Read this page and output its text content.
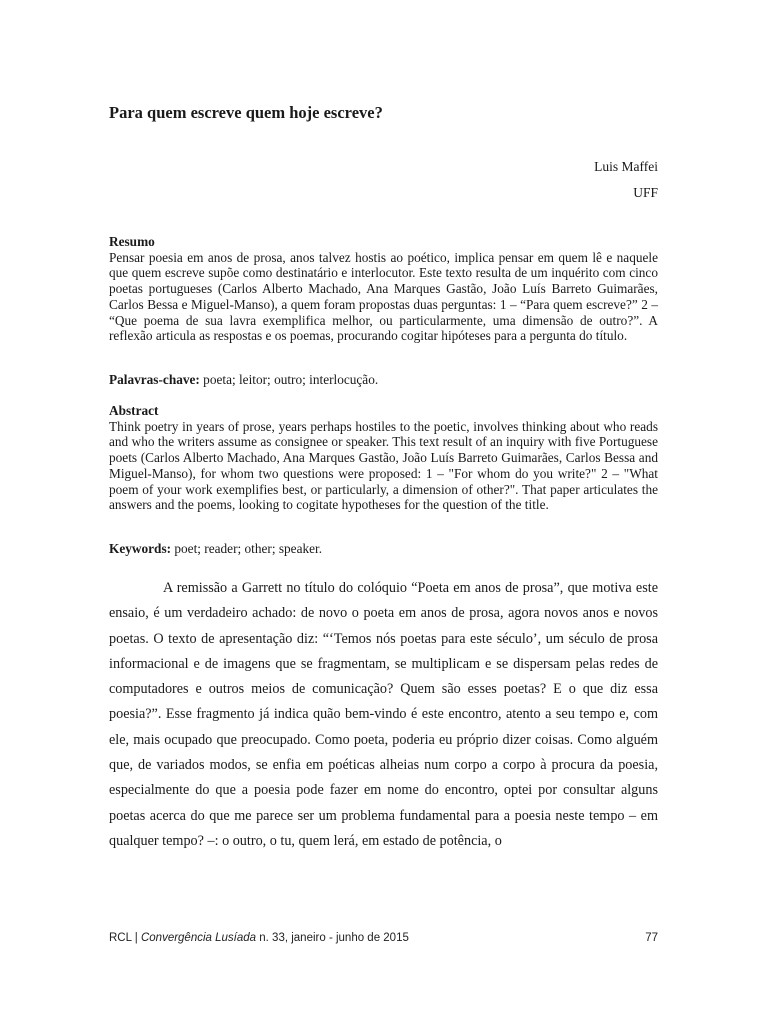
Para quem escreve quem hoje escreve?
Luis Maffei
UFF
Resumo
Pensar poesia em anos de prosa, anos talvez hostis ao poético, implica pensar em quem lê e naquele que quem escreve supõe como destinatário e interlocutor. Este texto resulta de um inquérito com cinco poetas portugueses (Carlos Alberto Machado, Ana Marques Gastão, João Luís Barreto Guimarães, Carlos Bessa e Miguel-Manso), a quem foram propostas duas perguntas: 1 – “Para quem escreve?” 2 – “Que poema de sua lavra exemplifica melhor, ou particularmente, uma dimensão de outro?”. A reflexão articula as respostas e os poemas, procurando cogitar hipóteses para a pergunta do título.
Palavras-chave: poeta; leitor; outro; interlocução.
Abstract
Think poetry in years of prose, years perhaps hostiles to the poetic, involves thinking about who reads and who the writers assume as consignee or speaker. This text result of an inquiry with five Portuguese poets (Carlos Alberto Machado, Ana Marques Gastão, João Luís Barreto Guimarães, Carlos Bessa and Miguel-Manso), for whom two questions were proposed: 1 – "For whom do you write?" 2 – "What poem of your work exemplifies best, or particularly, a dimension of other?". That paper articulates the answers and the poems, looking to cogitate hypotheses for the question of the title.
Keywords: poet; reader; other; speaker.

A remissão a Garrett no título do colóquio “Poeta em anos de prosa”, que motiva este ensaio, é um verdadeiro achado: de novo o poeta em anos de prosa, agora novos anos e novos poetas. O texto de apresentação diz: “‘Temos nós poetas para este século’, um século de prosa informacional e de imagens que se fragmentam, se multiplicam e se dispersam pelas redes de computadores e outros meios de comunicação? Quem são esses poetas? E o que diz essa poesia?”. Esse fragmento já indica quão bem-vindo é este encontro, atento a seu tempo e, com ele, mais ocupado que preocupado. Como poeta, poderia eu próprio dizer coisas. Como alguém que, de variados modos, se enfia em poéticas alheias num corpo a corpo à procura da poesia, especialmente do que a poesia pode fazer em nome do encontro, optei por consultar alguns poetas acerca do que me parece ser um problema fundamental para a poesia neste tempo – em qualquer tempo? –: o outro, o tu, quem lerá, em estado de potência, o

RCL | Convergência Lusíada n. 33, janeiro - junho de 2015	77
